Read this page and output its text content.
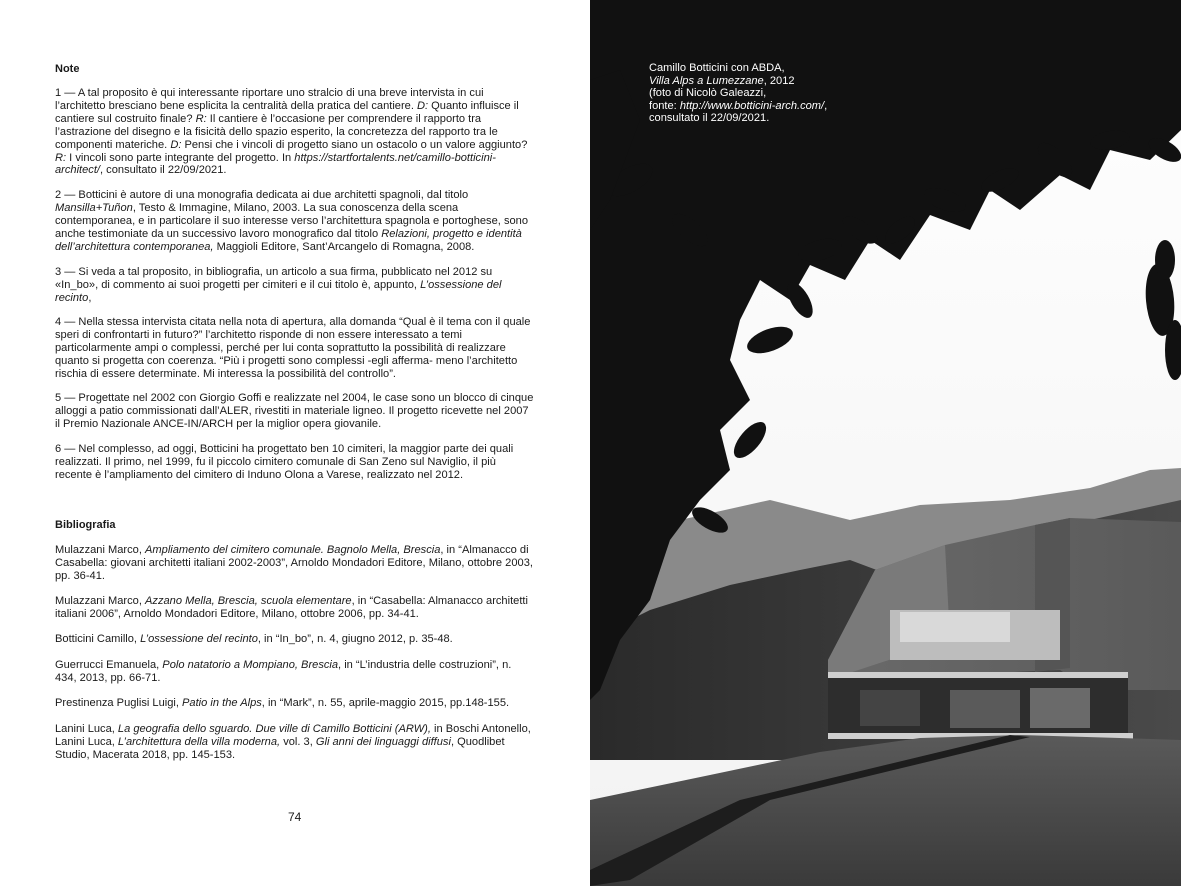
Note

1 — A tal proposito è qui interessante riportare uno stralcio di una breve intervista in cui l’architetto bresciano bene esplicita la centralità della pratica del cantiere. D: Quanto influisce il cantiere sul costruito finale? R: Il cantiere è l’occasione per comprendere il rapporto tra l’astrazione del disegno e la fisicità dello spazio esperito, la concretezza del rapporto tra le componenti materiche. D: Pensi che i vincoli di progetto siano un ostacolo o un valore aggiunto? R: I vincoli sono parte integrante del progetto. In https://startfortalents.net/camillo-botticini-architect/, consultato il 22/09/2021.

2 — Botticini è autore di una monografia dedicata ai due architetti spagnoli, dal titolo Mansilla+Tuñon, Testo & Immagine, Milano, 2003. La sua conoscenza della scena contemporanea, e in particolare il suo interesse verso l’architettura spagnola e portoghese, sono anche testimoniate da un successivo lavoro monografico dal titolo Relazioni, progetto e identità dell’architettura contemporanea, Maggioli Editore, Sant’Arcangelo di Romagna, 2008.

3 — Si veda a tal proposito, in bibliografia, un articolo a sua firma, pubblicato nel 2012 su «In_bo», di commento ai suoi progetti per cimiteri e il cui titolo è, appunto, L’ossessione del recinto,

4 — Nella stessa intervista citata nella nota di apertura, alla domanda “Qual è il tema con il quale speri di confrontarti in futuro?” l’architetto risponde di non essere interessato a temi particolarmente ampi o complessi, perché per lui conta soprattutto la possibilità di realizzare quanto si progetta con coerenza. “Più i progetti sono complessi -egli afferma- meno l’architetto rischia di essere determinate. Mi interessa la possibilità del controllo”.

5 — Progettate nel 2002 con Giorgio Goffi e realizzate nel 2004, le case sono un blocco di cinque alloggi a patio commissionati dall’ALER, rivestiti in materiale ligneo. Il progetto ricevette nel 2007 il Premio Nazionale ANCE-IN/ARCH per la miglior opera giovanile.

6 — Nel complesso, ad oggi, Botticini ha progettato ben 10 cimiteri, la maggior parte dei quali realizzati. Il primo, nel 1999, fu il piccolo cimitero comunale di San Zeno sul Naviglio, il più recente è l’ampliamento del cimitero di Induno Olona a Varese, realizzato nel 2012.

Bibliografia

Mulazzani Marco, Ampliamento del cimitero comunale. Bagnolo Mella, Brescia, in “Almanacco di Casabella: giovani architetti italiani 2002-2003”, Arnoldo Mondadori Editore, Milano, ottobre 2003, pp. 36-41.

Mulazzani Marco, Azzano Mella, Brescia, scuola elementare, in “Casabella: Almanacco architetti italiani 2006”, Arnoldo Mondadori Editore, Milano, ottobre 2006, pp. 34-41.

Botticini Camillo, L’ossessione del recinto, in “In_bo”, n. 4, giugno 2012, p. 35-48.

Guerrucci Emanuela, Polo natatorio a Mompiano, Brescia, in “L’industria delle costruzioni”, n. 434, 2013, pp. 66-71.

Prestinenza Puglisi Luigi, Patio in the Alps, in “Mark”, n. 55, aprile-maggio 2015, pp.148-155.

Lanini Luca, La geografia dello sguardo. Due ville di Camillo Botticini (ARW), in Boschi Antonello, Lanini Luca, L’architettura della villa moderna, vol. 3, Gli anni dei linguaggi diffusi, Quodlibet Studio, Macerata 2018, pp. 145-153.

74
Camillo Botticini con ABDA,
Villa Alps a Lumezzane, 2012
(foto di Nicolò Galeazzi,
fonte: http://www.botticini-arch.com/,
consultato il 22/09/2021.
